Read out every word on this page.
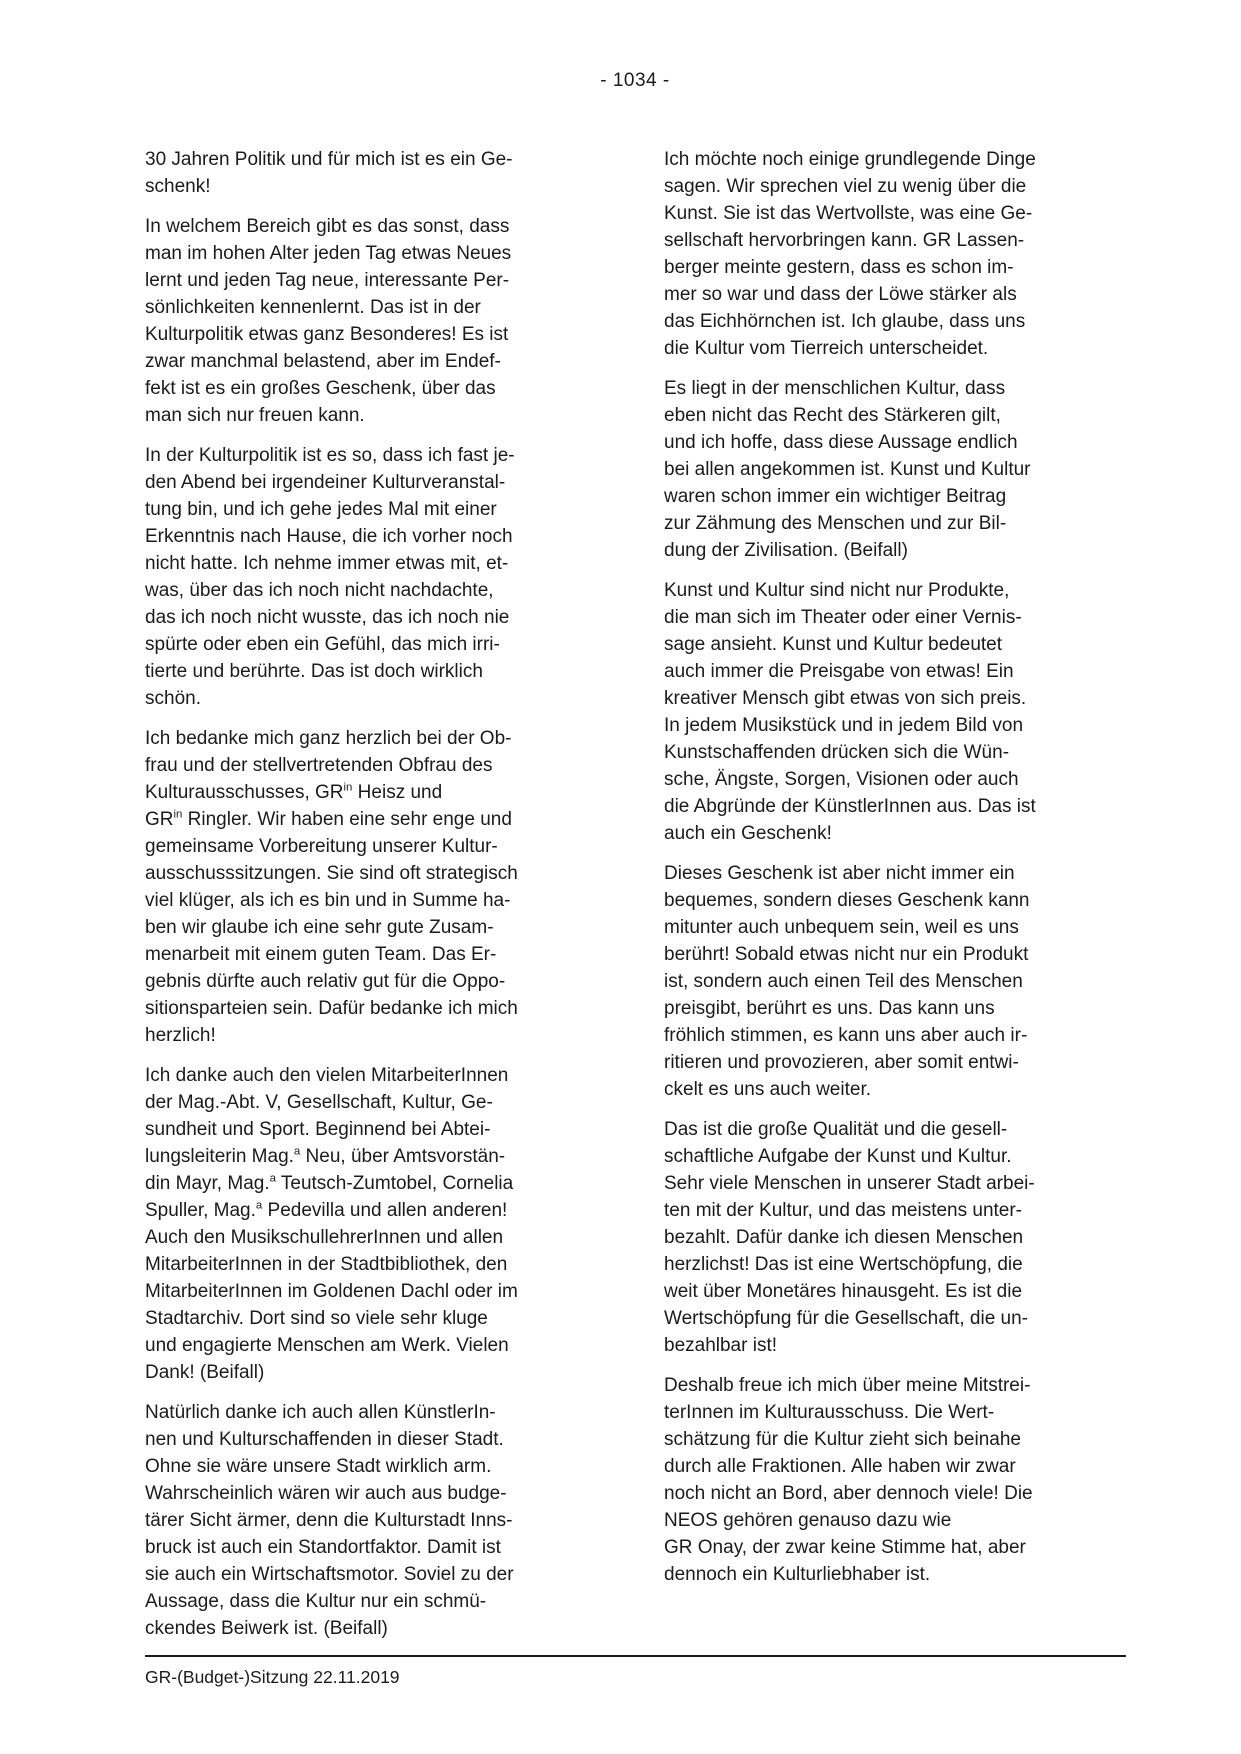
- 1034 -
30 Jahren Politik und für mich ist es ein Ge-
schenk!
In welchem Bereich gibt es das sonst, dass
man im hohen Alter jeden Tag etwas Neues
lernt und jeden Tag neue, interessante Per-
sönlichkeiten kennenlernt. Das ist in der
Kulturpolitik etwas ganz Besonderes! Es ist
zwar manchmal belastend, aber im Endef-
fekt ist es ein großes Geschenk, über das
man sich nur freuen kann.
In der Kulturpolitik ist es so, dass ich fast je-
den Abend bei irgendeiner Kulturveranstal-
tung bin, und ich gehe jedes Mal mit einer
Erkenntnis nach Hause, die ich vorher noch
nicht hatte. Ich nehme immer etwas mit, et-
was, über das ich noch nicht nachdachte,
das ich noch nicht wusste, das ich noch nie
spürte oder eben ein Gefühl, das mich irri-
tierte und berührte. Das ist doch wirklich
schön.
Ich bedanke mich ganz herzlich bei der Ob-
frau und der stellvertretenden Obfrau des
Kulturausschusses, $GR^{in}$ Heisz und
$GR^{in}$ Ringler. Wir haben eine sehr enge und
gemeinsame Vorbereitung unserer Kultur-
ausschusssitzungen. Sie sind oft strategisch
viel klüger, als ich es bin und in Summe ha-
ben wir glaube ich eine sehr gute Zusam-
menarbeit mit einem guten Team. Das Er-
gebnis dürfte auch relativ gut für die Oppo-
sitionsparteien sein. Dafür bedanke ich mich
herzlich!
Ich danke auch den vielen MitarbeiterInnen
der Mag.-Abt. V, Gesellschaft, Kultur, Ge-
sundheit und Sport. Beginnend bei Abtei-
lungsleiterin Mag.$^a$ Neu, über Amtsvorstän-
din Mayr, Mag.$^a$ Teutsch-Zumtobel, Cornelia
Spuller, Mag.$^a$ Pedevilla und allen anderen!
Auch den MusikschullehrerInnen und allen
MitarbeiterInnen in der Stadtbibliothek, den
MitarbeiterInnen im Goldenen Dachl oder im
Stadtarchiv. Dort sind so viele sehr kluge
und engagierte Menschen am Werk. Vielen
Dank! (Beifall)
Natürlich danke ich auch allen KünstlerIn-
nen und Kulturschaffenden in dieser Stadt.
Ohne sie wäre unsere Stadt wirklich arm.
Wahrscheinlich wären wir auch aus budge-
tärer Sicht ärmer, denn die Kulturstadt Inns-
bruck ist auch ein Standortfaktor. Damit ist
sie auch ein Wirtschaftsmotor. Soviel zu der
Aussage, dass die Kultur nur ein schmü-
ckendes Beiwerk ist. (Beifall)
Ich möchte noch einige grundlegende Dinge
sagen. Wir sprechen viel zu wenig über die
Kunst. Sie ist das Wertvollste, was eine Ge-
sellschaft hervorbringen kann. GR Lassen-
berger meinte gestern, dass es schon im-
mer so war und dass der Löwe stärker als
das Eichhörnchen ist. Ich glaube, dass uns
die Kultur vom Tierreich unterscheidet.
Es liegt in der menschlichen Kultur, dass
eben nicht das Recht des Stärkeren gilt,
und ich hoffe, dass diese Aussage endlich
bei allen angekommen ist. Kunst und Kultur
waren schon immer ein wichtiger Beitrag
zur Zähmung des Menschen und zur Bil-
dung der Zivilisation. (Beifall)
Kunst und Kultur sind nicht nur Produkte,
die man sich im Theater oder einer Vernis-
sage ansieht. Kunst und Kultur bedeutet
auch immer die Preisgabe von etwas! Ein
kreativer Mensch gibt etwas von sich preis.
In jedem Musikstück und in jedem Bild von
Kunstschaffenden drücken sich die Wün-
sche, Ängste, Sorgen, Visionen oder auch
die Abgründe der KünstlerInnen aus. Das ist
auch ein Geschenk!
Dieses Geschenk ist aber nicht immer ein
bequemes, sondern dieses Geschenk kann
mitunter auch unbequem sein, weil es uns
berührt! Sobald etwas nicht nur ein Produkt
ist, sondern auch einen Teil des Menschen
preisgibt, berührt es uns. Das kann uns
fröhlich stimmen, es kann uns aber auch ir-
ritieren und provozieren, aber somit entwi-
ckelt es uns auch weiter.
Das ist die große Qualität und die gesell-
schaftliche Aufgabe der Kunst und Kultur.
Sehr viele Menschen in unserer Stadt arbei-
ten mit der Kultur, und das meistens unter-
bezahlt. Dafür danke ich diesen Menschen
herzlichst! Das ist eine Wertschöpfung, die
weit über Monetäres hinausgeht. Es ist die
Wertschöpfung für die Gesellschaft, die un-
bezahlbar ist!
Deshalb freue ich mich über meine Mitstrei-
terInnen im Kulturausschuss. Die Wert-
schätzung für die Kultur zieht sich beinahe
durch alle Fraktionen. Alle haben wir zwar
noch nicht an Bord, aber dennoch viele! Die
NEOS gehören genauso dazu wie
GR Onay, der zwar keine Stimme hat, aber
dennoch ein Kulturliebhaber ist.
GR-(Budget-)Sitzung 22.11.2019
